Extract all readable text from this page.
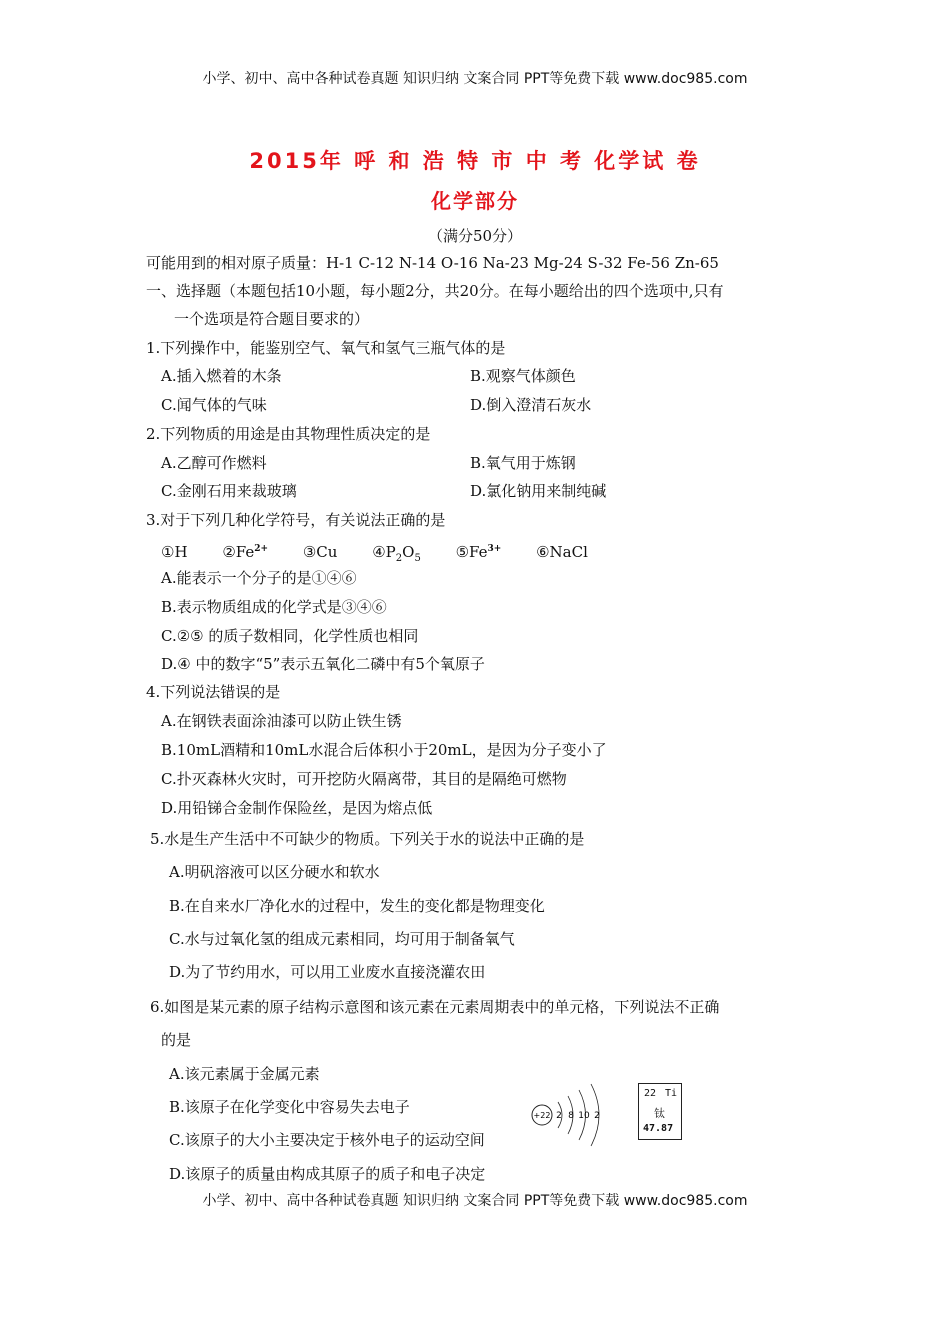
小学、初中、高中各种试卷真题 知识归纳 文案合同 PPT等免费下载 www.doc985.com
2015年 呼 和 浩 特 市 中 考 化学试 卷
化学部分
（满分50分）
可能用到的相对原子质量：H-1 C-12 N-14 O-16 Na-23 Mg-24 S-32 Fe-56 Zn-65
一、选择题（本题包括10小题，每小题2分，共20分。在每小题给出的四个选项中,只有
一个选项是符合题目要求的）
1.下列操作中，能鉴别空气、氧气和氢气三瓶气体的是
A.插入燃着的木条	B.观察气体颜色
C.闻气体的气味	D.倒入澄清石灰水
2.下列物质的用途是由其物理性质决定的是
A.乙醇可作燃料	B.氧气用于炼钢
C.金刚石用来裁玻璃	D.氯化钠用来制纯碱
3.对于下列几种化学符号，有关说法正确的是
①H $②Fe^{2+}$ ③Cu $④P_2O_5$ $⑤Fe^{3+}$ ⑥NaCl
A.能表示一个分子的是①④⑥
B.表示物质组成的化学式是③④⑥
C.②⑤ 的质子数相同，化学性质也相同
D.④ 中的数字“5”表示五氧化二磷中有5个氧原子
4.下列说法错误的是
A.在钢铁表面涂油漆可以防止铁生锈
B.10mL酒精和10mL水混合后体积小于20mL，是因为分子变小了
C.扑灭森林火灾时，可开挖防火隔离带，其目的是隔绝可燃物
D.用铅锑合金制作保险丝，是因为熔点低
5.水是生产生活中不可缺少的物质。下列关于水的说法中正确的是
A.明矾溶液可以区分硬水和软水
B.在自来水厂净化水的过程中，发生的变化都是物理变化
C.水与过氧化氢的组成元素相同，均可用于制备氧气
D.为了节约用水，可以用工业废水直接浇灌农田
6.如图是某元素的原子结构示意图和该元素在元素周期表中的单元格，下列说法不正确
的是
A.该元素属于金属元素
B.该原子在化学变化中容易失去电子
C.该原子的大小主要决定于核外电子的运动空间
D.该原子的质量由构成其原子的质子和电子决定
+22 2 8 10 2
22 Ti
钛
47.87
小学、初中、高中各种试卷真题 知识归纳 文案合同 PPT等免费下载 www.doc985.com
